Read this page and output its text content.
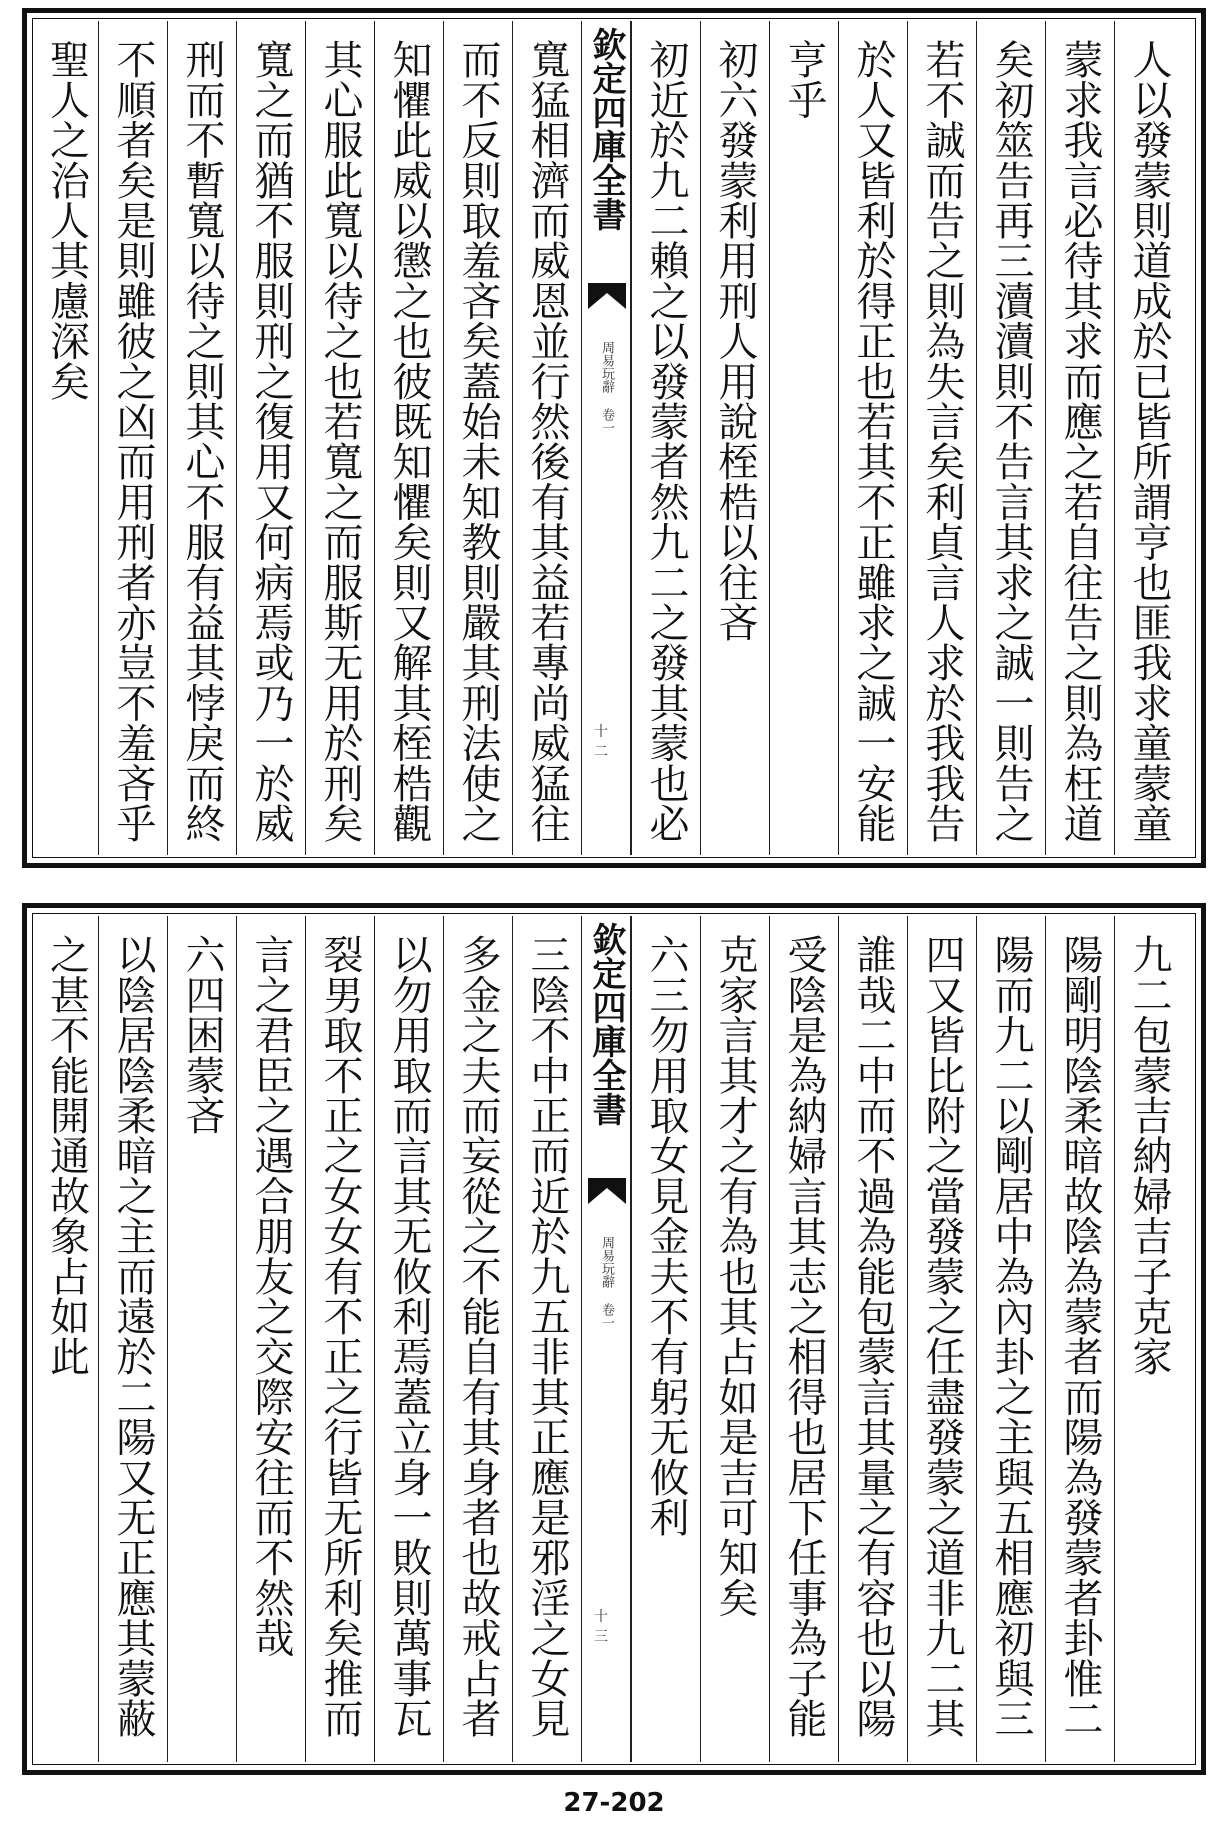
人以發蒙則道成於已皆所謂亨也匪我求童蒙童
蒙求我言必待其求而應之若自往告之則為枉道
矣初筮告再三瀆瀆則不告言其求之誠一則告之
若不誠而告之則為失言矣利貞言人求於我我告
於人又皆利於得正也若其不正雖求之誠一安能
亨乎
初六發蒙利用刑人用說桎梏以往吝
初近於九二賴之以發蒙者然九二之發其蒙也必
欽定四庫全書
周易玩辭 卷一
十二
寬猛相濟而威恩並行然後有其益若專尚威猛往
而不反則取羞吝矣蓋始未知教則嚴其刑法使之
知懼此威以懲之也彼既知懼矣則又解其桎梏觀
其心服此寬以待之也若寬之而服斯无用於刑矣
寬之而猶不服則刑之復用又何病焉或乃一於威
刑而不暫寬以待之則其心不服有益其悖戾而終
不順者矣是則雖彼之凶而用刑者亦豈不羞吝乎
聖人之治人其慮深矣
九二包蒙吉納婦吉子克家
陽剛明陰柔暗故陰為蒙者而陽為發蒙者卦惟二
陽而九二以剛居中為內卦之主與五相應初與三
四又皆比附之當發蒙之任盡發蒙之道非九二其
誰哉二中而不過為能包蒙言其量之有容也以陽
受陰是為納婦言其志之相得也居下任事為子能
克家言其才之有為也其占如是吉可知矣
六三勿用取女見金夫不有躬无攸利
欽定四庫全書
周易玩辭 卷一
十三
三陰不中正而近於九五非其正應是邪淫之女見
多金之夫而妄從之不能自有其身者也故戒占者
以勿用取而言其无攸利焉蓋立身一敗則萬事瓦
裂男取不正之女女有不正之行皆无所利矣推而
言之君臣之遇合朋友之交際安往而不然哉
六四困蒙吝
以陰居陰柔暗之主而遠於二陽又无正應其蒙蔽
之甚不能開通故象占如此
27-202
